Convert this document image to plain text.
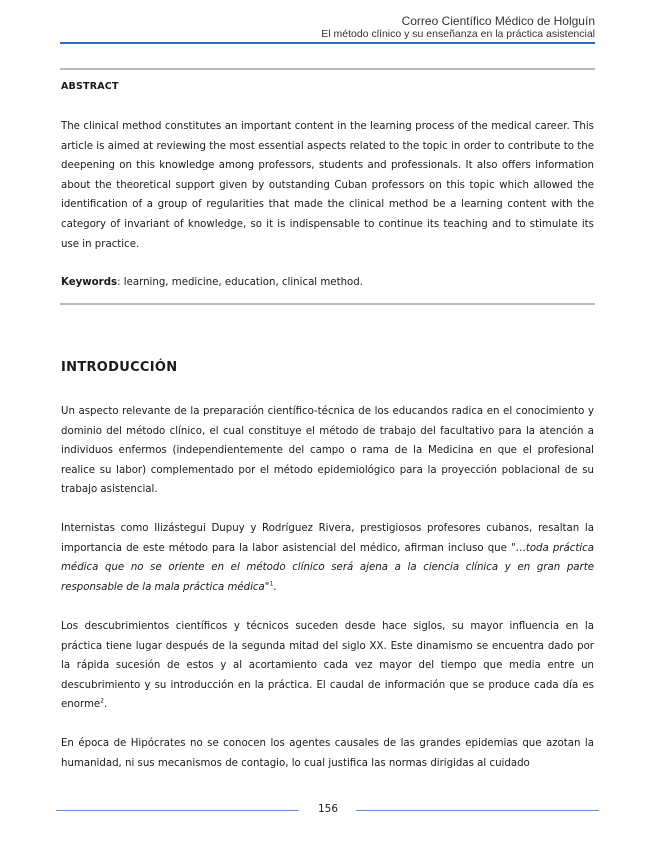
Correo Científico Médico de Holguín
El método clínico y su enseñanza en la práctica asistencial
ABSTRACT

The clinical method constitutes an important content in the learning process of the medical career. This article is aimed at reviewing the most essential aspects related to the topic in order to contribute to the deepening on this knowledge among professors, students and professionals. It also offers information about the theoretical support given by outstanding Cuban professors on this topic which allowed the identification of a group of regularities that made the clinical method be a learning content with the category of invariant of knowledge, so it is indispensable to continue its teaching and to stimulate its use in practice.

Keywords: learning, medicine, education, clinical method.

INTRODUCCIÓN

Un aspecto relevante de la preparación científico-técnica de los educandos radica en el conocimiento y dominio del método clínico, el cual constituye el método de trabajo del facultativo para la atención a individuos enfermos (independientemente del campo o rama de la Medicina en que el profesional realice su labor) complementado por el método epidemiológico para la proyección poblacional de su trabajo asistencial.

Internistas como Ilizástegui Dupuy y Rodríguez Rivera, prestigiosos profesores cubanos, resaltan la importancia de este método para la labor asistencial del médico, afirman incluso que "…toda práctica médica que no se oriente en el método clínico será ajena a la ciencia clínica y en gran parte responsable de la mala práctica médica"$^1$.

Los descubrimientos científicos y técnicos suceden desde hace siglos, su mayor influencia en la práctica tiene lugar después de la segunda mitad del siglo XX. Este dinamismo se encuentra dado por la rápida sucesión de estos y al acortamiento cada vez mayor del tiempo que media entre un descubrimiento y su introducción en la práctica. El caudal de información que se produce cada día es enorme$^2$.

En época de Hipócrates no se conocen los agentes causales de las grandes epidemias que azotan la humanidad, ni sus mecanismos de contagio, lo cual justifica las normas dirigidas al cuidado

156
